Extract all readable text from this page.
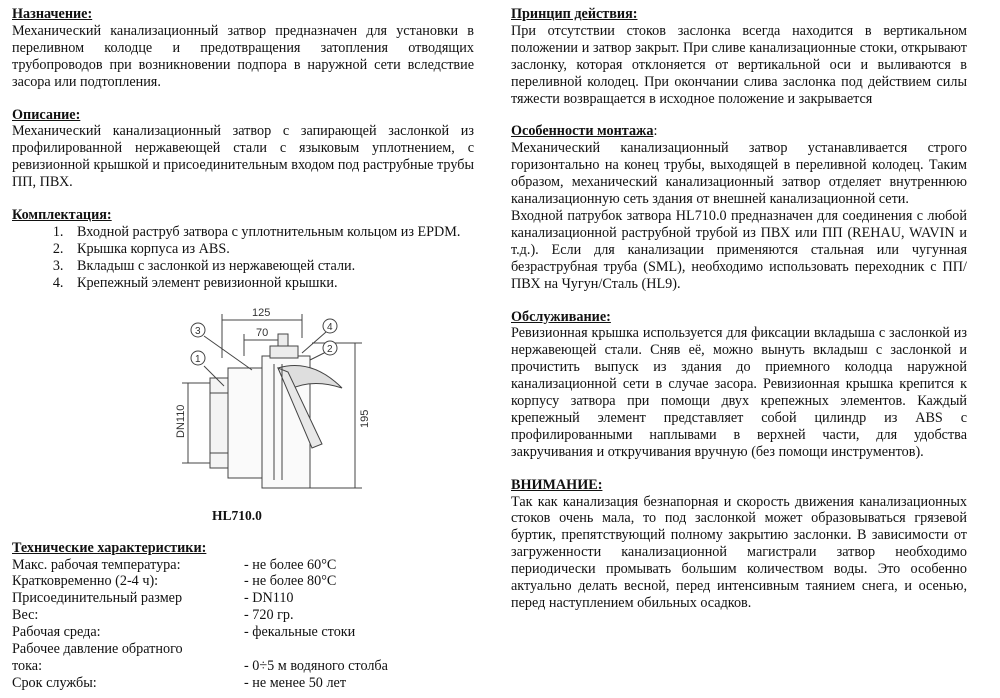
Назначение:
Механический канализационный затвор предназначен для установки в переливном колодце и предотвращения затопления отводящих трубопроводов при возникновении подпора в наружной сети вследствие засора или подтопления.
Описание:
Механический канализационный затвор с запирающей заслонкой из профилированной нержавеющей стали с языковым уплотнением, с ревизионной крышкой и присоединительным входом под раструбные трубы ПП, ПВХ.
Комплектация:
1. Входной раструб затвора с уплотнительным кольцом из EPDM.
2. Крышка корпуса из ABS.
3. Вкладыш с заслонкой из нержавеющей стали.
4. Крепежный элемент ревизионной крышки.
125
70
DN110	195
1
3	4
2
HL710.0
Технические характеристики:
Макс. рабочая температура:	- не более 60°С
Кратковременно (2-4 ч):	- не более 80°С
Присоединительный размер	- DN110
Вес:	- 720 гр.
Рабочая среда:	- фекальные стоки
Рабочее давление обратного
тока:	- 0÷5 м водяного столба
Срок службы:	- не менее 50 лет
Принцип действия:
При отсутствии стоков заслонка всегда находится в вертикальном положении и затвор закрыт. При сливе канализационные стоки, открывают заслонку, которая отклоняется от вертикальной оси и выливаются в переливной колодец. При окончании слива заслонка под действием силы тяжести возвращается в исходное положение и закрывается
Особенности монтажа:
Механический канализационный затвор устанавливается строго горизонтально на конец трубы, выходящей в переливной колодец. Таким образом, механический канализационный затвор отделяет внутреннюю канализационную сеть здания от внешней канализационной сети.
Входной патрубок затвора HL710.0 предназначен для соединения с любой канализационной раструбной трубой из ПВХ или ПП (REHAU, WAVIN и т.д.). Если для канализации применяются стальная или чугунная безраструбная труба (SML), необходимо использовать переходник с ПП/ПВХ на Чугун/Сталь (HL9).
Обслуживание:
Ревизионная крышка используется для фиксации вкладыша с заслонкой из нержавеющей стали. Сняв её, можно вынуть вкладыш с заслонкой и прочистить выпуск из здания до приемного колодца наружной канализационной сети в случае засора. Ревизионная крышка крепится к корпусу затвора при помощи двух крепежных элементов. Каждый крепежный элемент представляет собой цилиндр из ABS с профилированными наплывами в верхней части, для удобства закручивания и откручивания вручную (без помощи инструментов).
ВНИМАНИЕ:
Так как канализация безнапорная и скорость движения канализационных стоков очень мала, то под заслонкой может образовываться грязевой буртик, препятствующий полному закрытию заслонки. В зависимости от загруженности канализационной магистрали затвор необходимо периодически промывать большим количеством воды. Это особенно актуально делать весной, перед интенсивным таянием снега, и осенью, перед наступлением обильных осадков.
